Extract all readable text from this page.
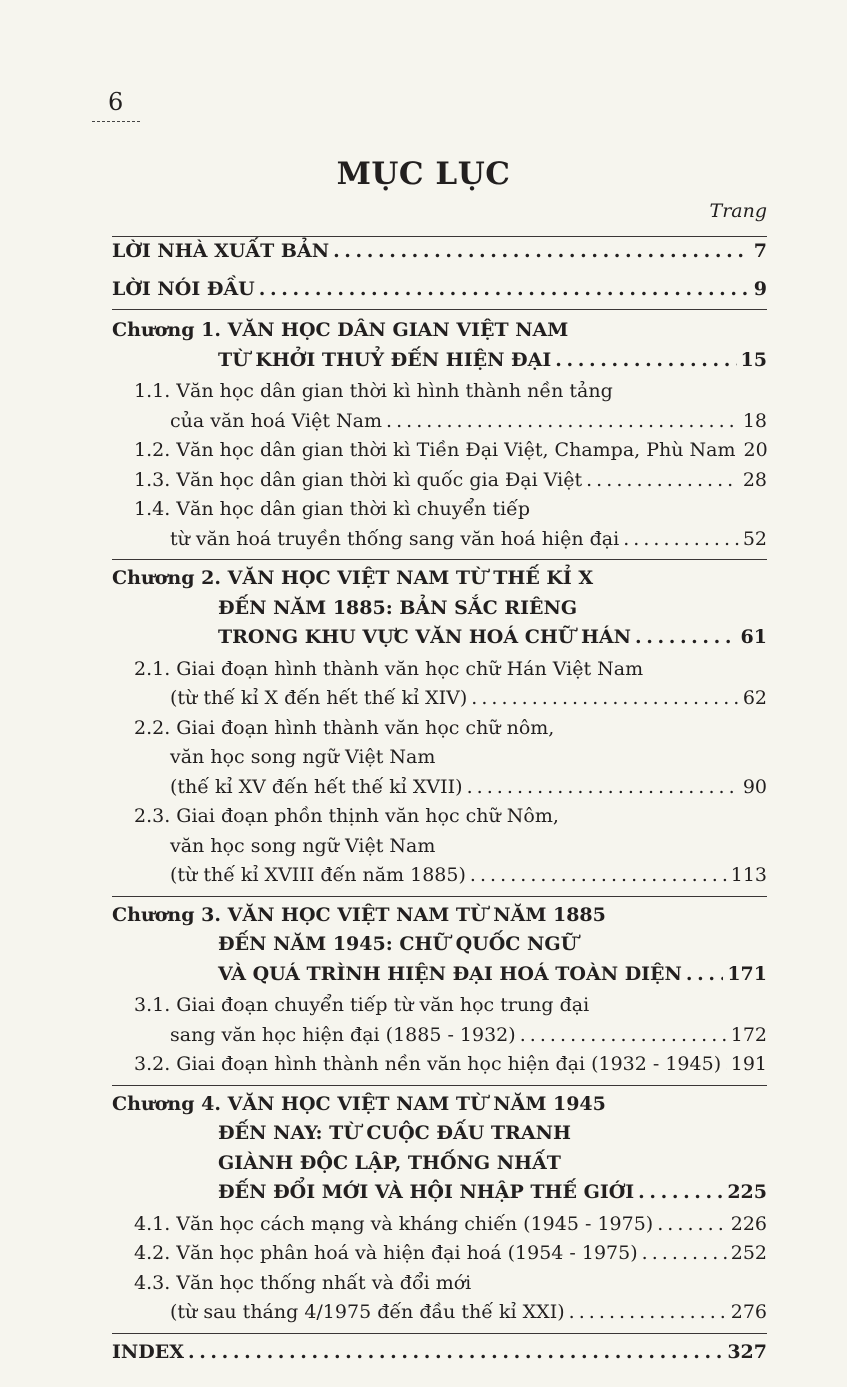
6
MỤC LỤC
Trang
LỜI NHÀ XUẤT BẢN . . .	7
LỜI NÓI ĐẦU . . .	9
Chương 1. VĂN HỌC DÂN GIAN VIỆT NAM
TỪ KHỞI THUỶ ĐẾN HIỆN ĐẠI . . .	15
1.1. Văn học dân gian thời kì hình thành nền tảng
của văn hoá Việt Nam . . .	18
1.2. Văn học dân gian thời kì Tiền Đại Việt, Champa, Phù Nam 20
1.3. Văn học dân gian thời kì quốc gia Đại Việt . . .	28
1.4. Văn học dân gian thời kì chuyển tiếp
từ văn hoá truyền thống sang văn hoá hiện đại . . .	52
Chương 2. VĂN HỌC VIỆT NAM TỪ THẾ KỈ X
ĐẾN NĂM 1885: BẢN SẮC RIÊNG
TRONG KHU VỰC VĂN HOÁ CHỮ HÁN . . .	61
2.1. Giai đoạn hình thành văn học chữ Hán Việt Nam
(từ thế kỉ X đến hết thế kỉ XIV) . . .	62
2.2. Giai đoạn hình thành văn học chữ nôm,
văn học song ngữ Việt Nam
(thế kỉ XV đến hết thế kỉ XVII) . . .	90
2.3. Giai đoạn phồn thịnh văn học chữ Nôm,
văn học song ngữ Việt Nam
(từ thế kỉ XVIII đến năm 1885) . . .	113
Chương 3. VĂN HỌC VIỆT NAM TỪ NĂM 1885
ĐẾN NĂM 1945: CHỮ QUỐC NGỮ
VÀ QUÁ TRÌNH HIỆN ĐẠI HOÁ TOÀN DIỆN . . . 171
3.1. Giai đoạn chuyển tiếp từ văn học trung đại
sang văn học hiện đại (1885 - 1932) . . .	172
3.2. Giai đoạn hình thành nền văn học hiện đại (1932 - 1945) . . . 191
Chương 4. VĂN HỌC VIỆT NAM TỪ NĂM 1945
ĐẾN NAY: TỪ CUỘC ĐẤU TRANH
GIÀNH ĐỘC LẬP, THỐNG NHẤT
ĐẾN ĐỔI MỚI VÀ HỘI NHẬP THẾ GIỚI . . .	225
4.1. Văn học cách mạng và kháng chiến (1945 - 1975) . . .	226
4.2. Văn học phân hoá và hiện đại hoá (1954 - 1975) . . .	252
4.3. Văn học thống nhất và đổi mới
(từ sau tháng 4/1975 đến đầu thế kỉ XXI) . . .	276
INDEX . . .	327
